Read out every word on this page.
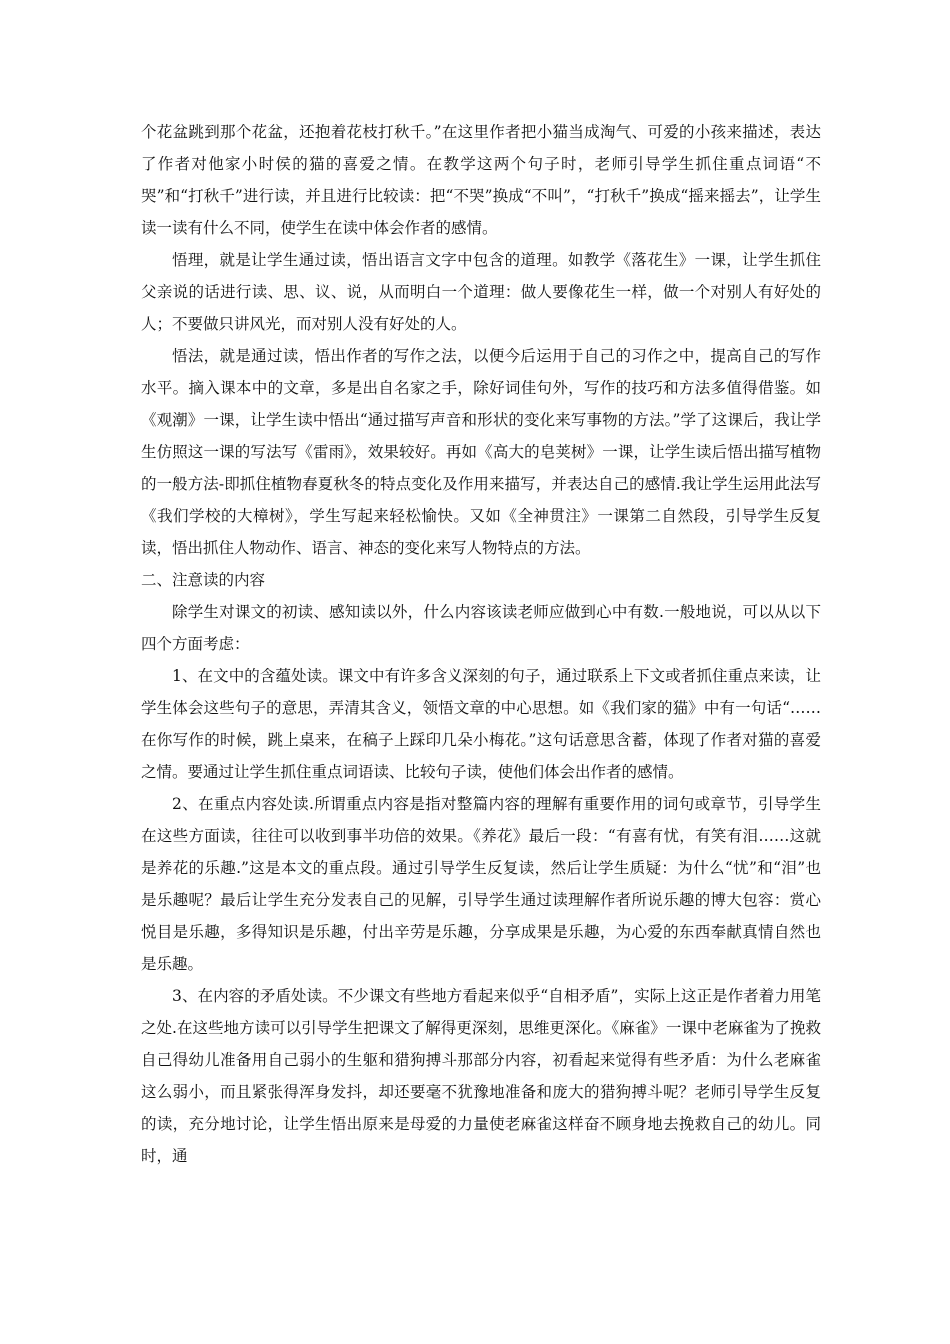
个花盆跳到那个花盆，还抱着花枝打秋千。”在这里作者把小猫当成淘气、可爱的小孩来描述，表达了作者对他家小时侯的猫的喜爱之情。在教学这两个句子时，老师引导学生抓住重点词语“不哭”和“打秋千”进行读，并且进行比较读：把“不哭”换成“不叫”，“打秋千”换成“摇来摇去”，让学生读一读有什么不同，使学生在读中体会作者的感情。

悟理，就是让学生通过读，悟出语言文字中包含的道理。如教学《落花生》一课，让学生抓住父亲说的话进行读、思、议、说，从而明白一个道理：做人要像花生一样，做一个对别人有好处的人；不要做只讲风光，而对别人没有好处的人。

悟法，就是通过读，悟出作者的写作之法，以便今后运用于自己的习作之中，提高自己的写作水平。摘入课本中的文章，多是出自名家之手，除好词佳句外，写作的技巧和方法多值得借鉴。如《观潮》一课，让学生读中悟出“通过描写声音和形状的变化来写事物的方法。”学了这课后，我让学生仿照这一课的写法写《雷雨》，效果较好。再如《高大的皂荚树》一课，让学生读后悟出描写植物的一般方法-即抓住植物春夏秋冬的特点变化及作用来描写，并表达自己的感情.我让学生运用此法写《我们学校的大樟树》，学生写起来轻松愉快。又如《全神贯注》一课第二自然段，引导学生反复读，悟出抓住人物动作、语言、神态的变化来写人物特点的方法。

二、注意读的内容

除学生对课文的初读、感知读以外，什么内容该读老师应做到心中有数.一般地说，可以从以下四个方面考虑：

1、在文中的含蕴处读。课文中有许多含义深刻的句子，通过联系上下文或者抓住重点来读，让学生体会这些句子的意思，弄清其含义，领悟文章的中心思想。如《我们家的猫》中有一句话“……在你写作的时候，跳上桌来，在稿子上踩印几朵小梅花。”这句话意思含蓄，体现了作者对猫的喜爱之情。要通过让学生抓住重点词语读、比较句子读，使他们体会出作者的感情。

2、在重点内容处读.所谓重点内容是指对整篇内容的理解有重要作用的词句或章节，引导学生在这些方面读，往往可以收到事半功倍的效果。《养花》最后一段：“有喜有忧，有笑有泪……这就是养花的乐趣.”这是本文的重点段。通过引导学生反复读，然后让学生质疑：为什么“忧”和“泪”也是乐趣呢？最后让学生充分发表自己的见解，引导学生通过读理解作者所说乐趣的博大包容：赏心悦目是乐趣，多得知识是乐趣，付出辛劳是乐趣，分享成果是乐趣，为心爱的东西奉献真情自然也是乐趣。

3、在内容的矛盾处读。不少课文有些地方看起来似乎“自相矛盾”，实际上这正是作者着力用笔之处.在这些地方读可以引导学生把课文了解得更深刻，思维更深化。《麻雀》一课中老麻雀为了挽救自己得幼儿准备用自己弱小的生躯和猎狗搏斗那部分内容，初看起来觉得有些矛盾：为什么老麻雀这么弱小，而且紧张得浑身发抖，却还要毫不犹豫地准备和庞大的猎狗搏斗呢？老师引导学生反复的读，充分地讨论，让学生悟出原来是母爱的力量使老麻雀这样奋不顾身地去挽救自己的幼儿。同时，通
